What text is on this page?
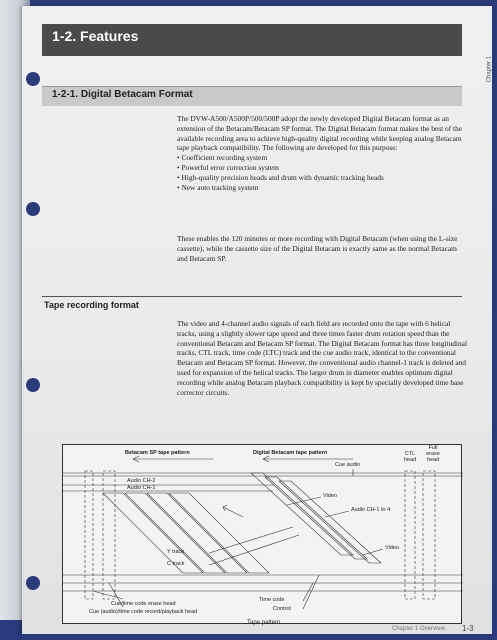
1-2. Features
Chapter 1
1-2-1. Digital Betacam Format

The DVW-A500/A500P/500/500P adopt the newly developed Digital Betacam format as an extension of the Betacam/Betacam SP format. The Digital Betacam format makes the best of the available recording area to achieve high-quality digital recording while keeping analog Betacam tape playback compatibility. The following are developed for this purpose:

• Coefficient recording system
• Powerful error correction system
• High-quality precision heads and drum with dynamic tracking heads
• New auto tracking system

These enables the 120 minutes or more recording with Digital Betacam (when using the L-size cassette), while the cassette size of the Digital Betacam is exactly same as the normal Betacam and Betacam SP.

Tape recording format

The video and 4-channel audio signals of each field are recorded onto the tape with 6 helical tracks, using a slightly slower tape speed and three times faster drum rotation speed than the conventional Betacam and Betacam SP format. The Digital Betacam format has three longitudinal tracks, CTL track, time code (LTC) track and the cue audio track, identical to the conventional Betacam and Betacam SP format. However, the conventional audio channel-1 track is deleted and used for expansion of the helical tracks. The larger drum in diameter enables optimum digital recording while analog Betacam playback compatibility is kept by specially developed time base corrector circuits.

Betacam SP tape pattern	Digital Betacam tape pattern
Cue audio
CTL head
Full erase head
Audio CH-2
Audio CH-1
Video
Audio CH-1 to 4
Video
Y track
C track
Cue/time code erase head
Cue (audio)/time code record/playback head
Time code
Control
Tape pattern
Chapter 1 Overview 1-3
